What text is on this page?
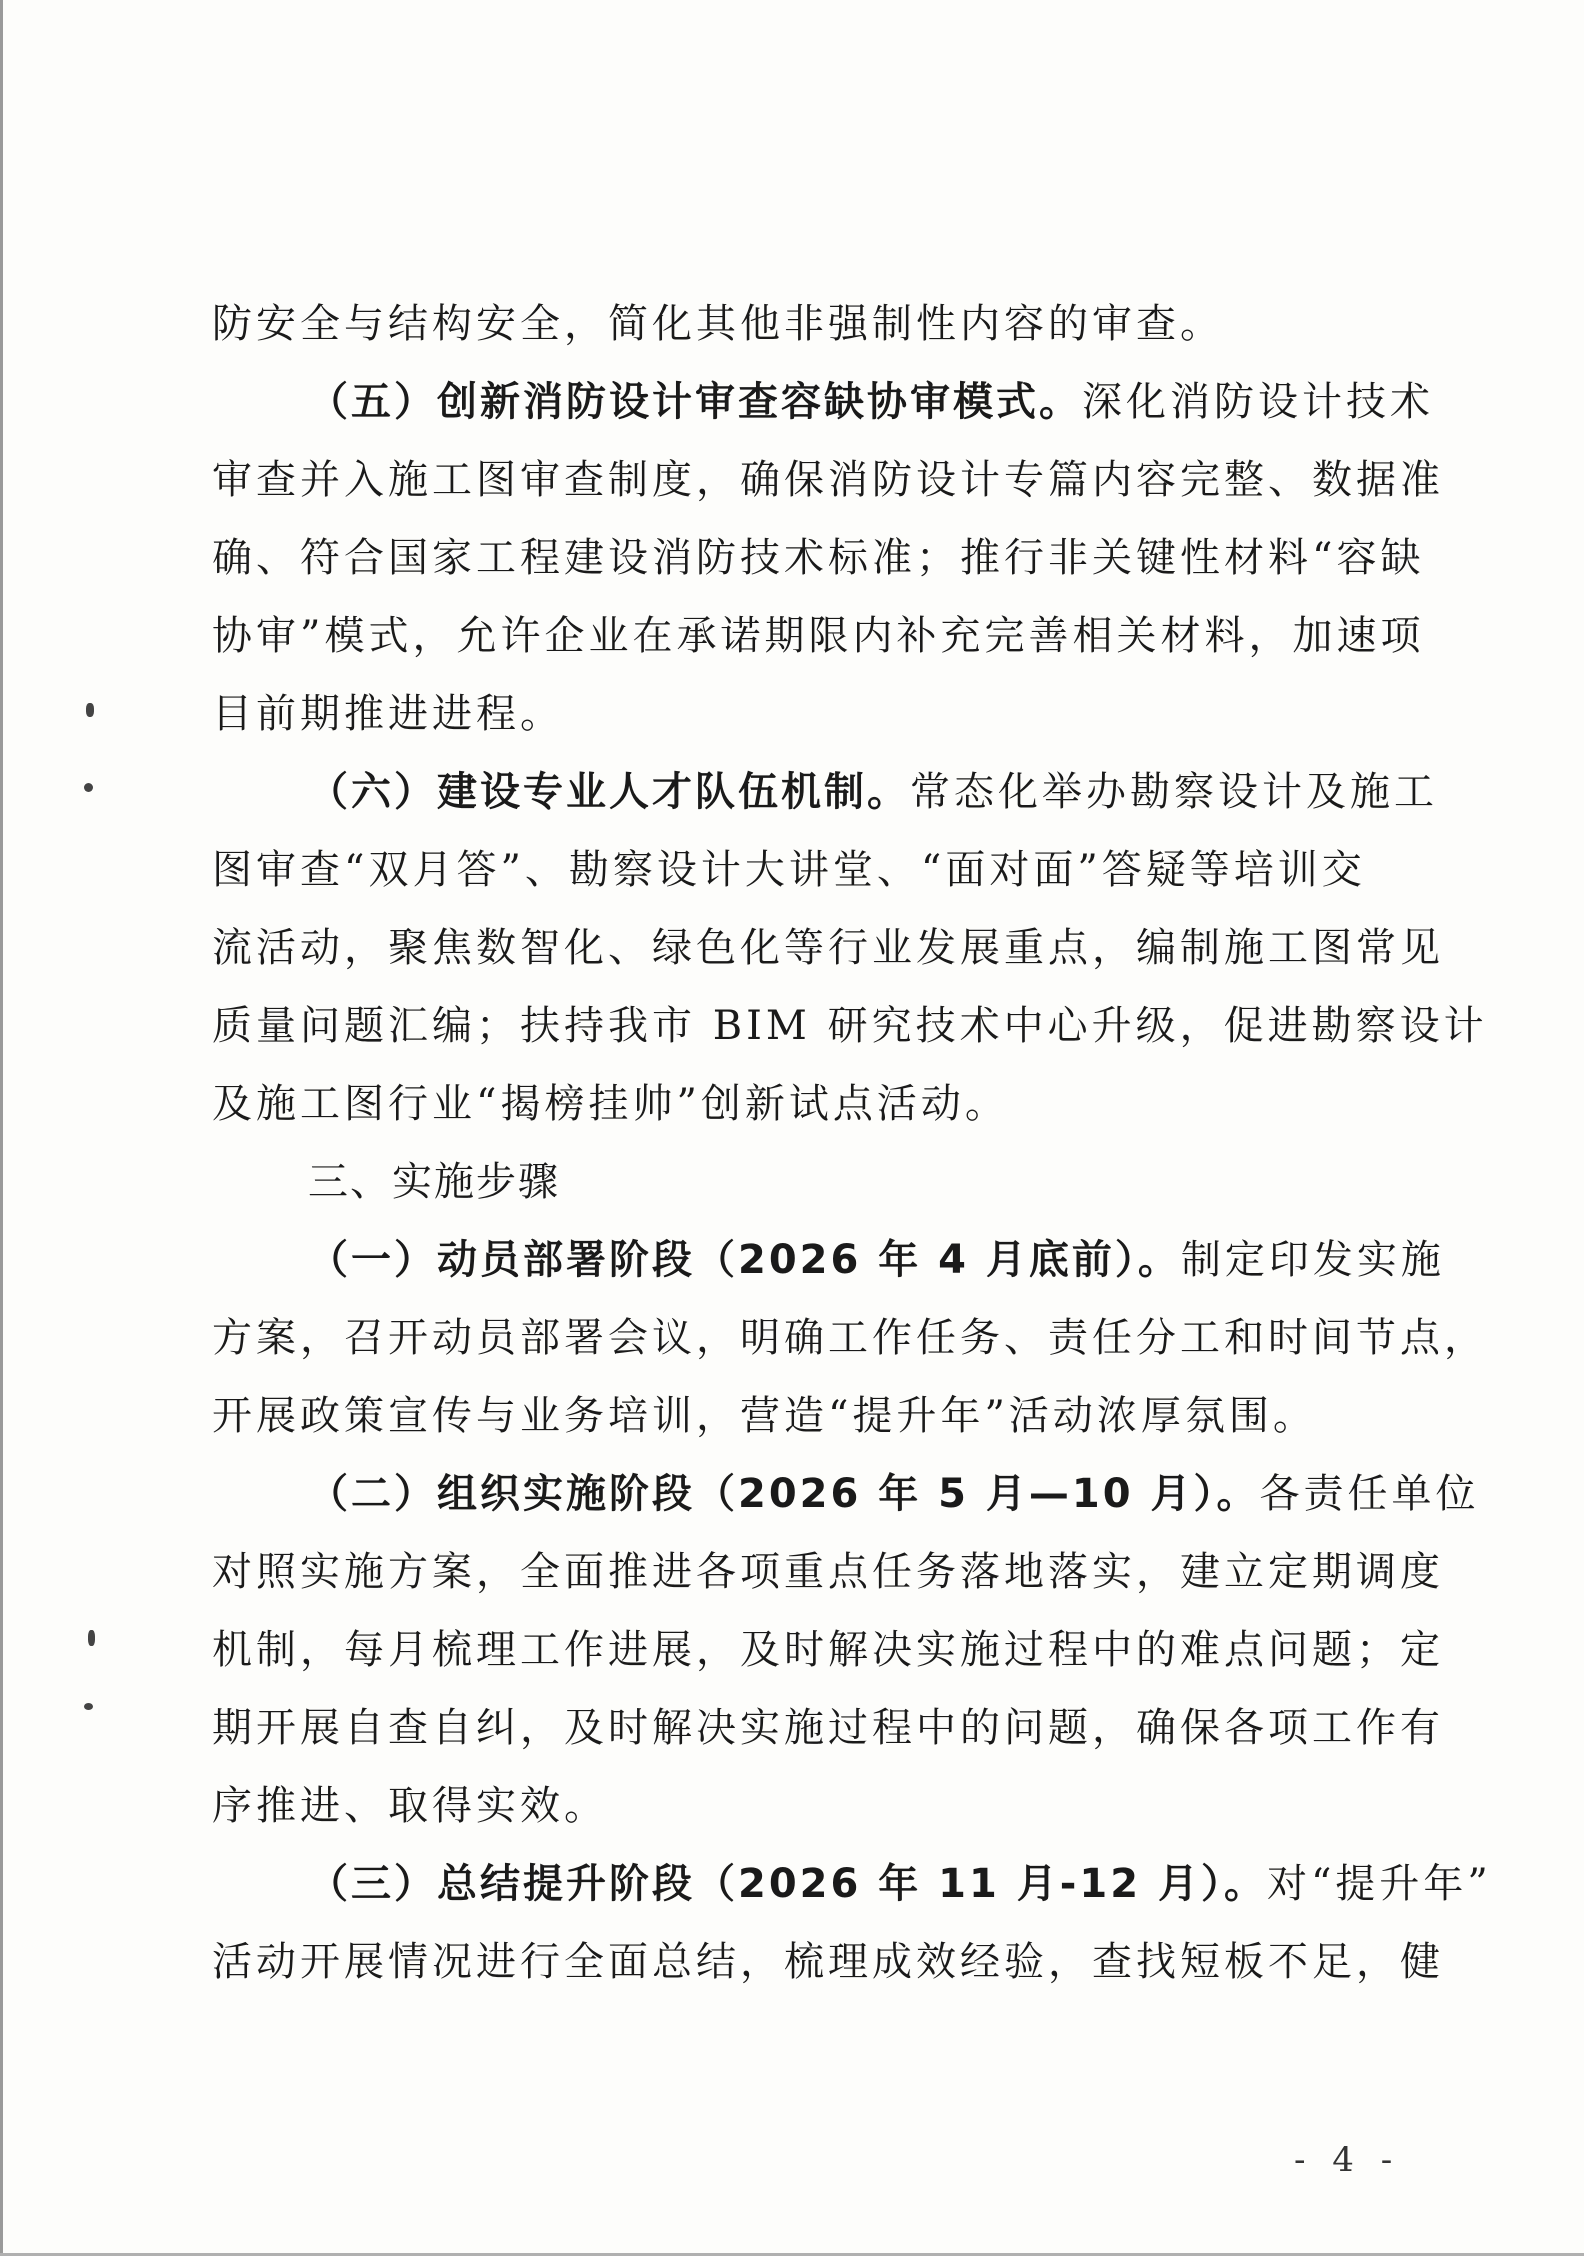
防安全与结构安全，简化其他非强制性内容的审查。
（五）创新消防设计审查容缺协审模式。深化消防设计技术
审查并入施工图审查制度，确保消防设计专篇内容完整、数据准
确、符合国家工程建设消防技术标准；推行非关键性材料“容缺
协审”模式，允许企业在承诺期限内补充完善相关材料，加速项
目前期推进进程。
（六）建设专业人才队伍机制。常态化举办勘察设计及施工
图审查“双月答”、勘察设计大讲堂、“面对面”答疑等培训交
流活动，聚焦数智化、绿色化等行业发展重点，编制施工图常见
质量问题汇编；扶持我市 BIM 研究技术中心升级，促进勘察设计
及施工图行业“揭榜挂帅”创新试点活动。
三、实施步骤
（一）动员部署阶段（2026 年 4 月底前）。制定印发实施
方案，召开动员部署会议，明确工作任务、责任分工和时间节点，
开展政策宣传与业务培训，营造“提升年”活动浓厚氛围。
（二）组织实施阶段（2026 年 5 月—10 月）。各责任单位
对照实施方案，全面推进各项重点任务落地落实，建立定期调度
机制，每月梳理工作进展，及时解决实施过程中的难点问题；定
期开展自查自纠，及时解决实施过程中的问题，确保各项工作有
序推进、取得实效。
（三）总结提升阶段（2026 年 11 月-12 月）。对“提升年”
活动开展情况进行全面总结，梳理成效经验，查找短板不足，健
- 4 -
